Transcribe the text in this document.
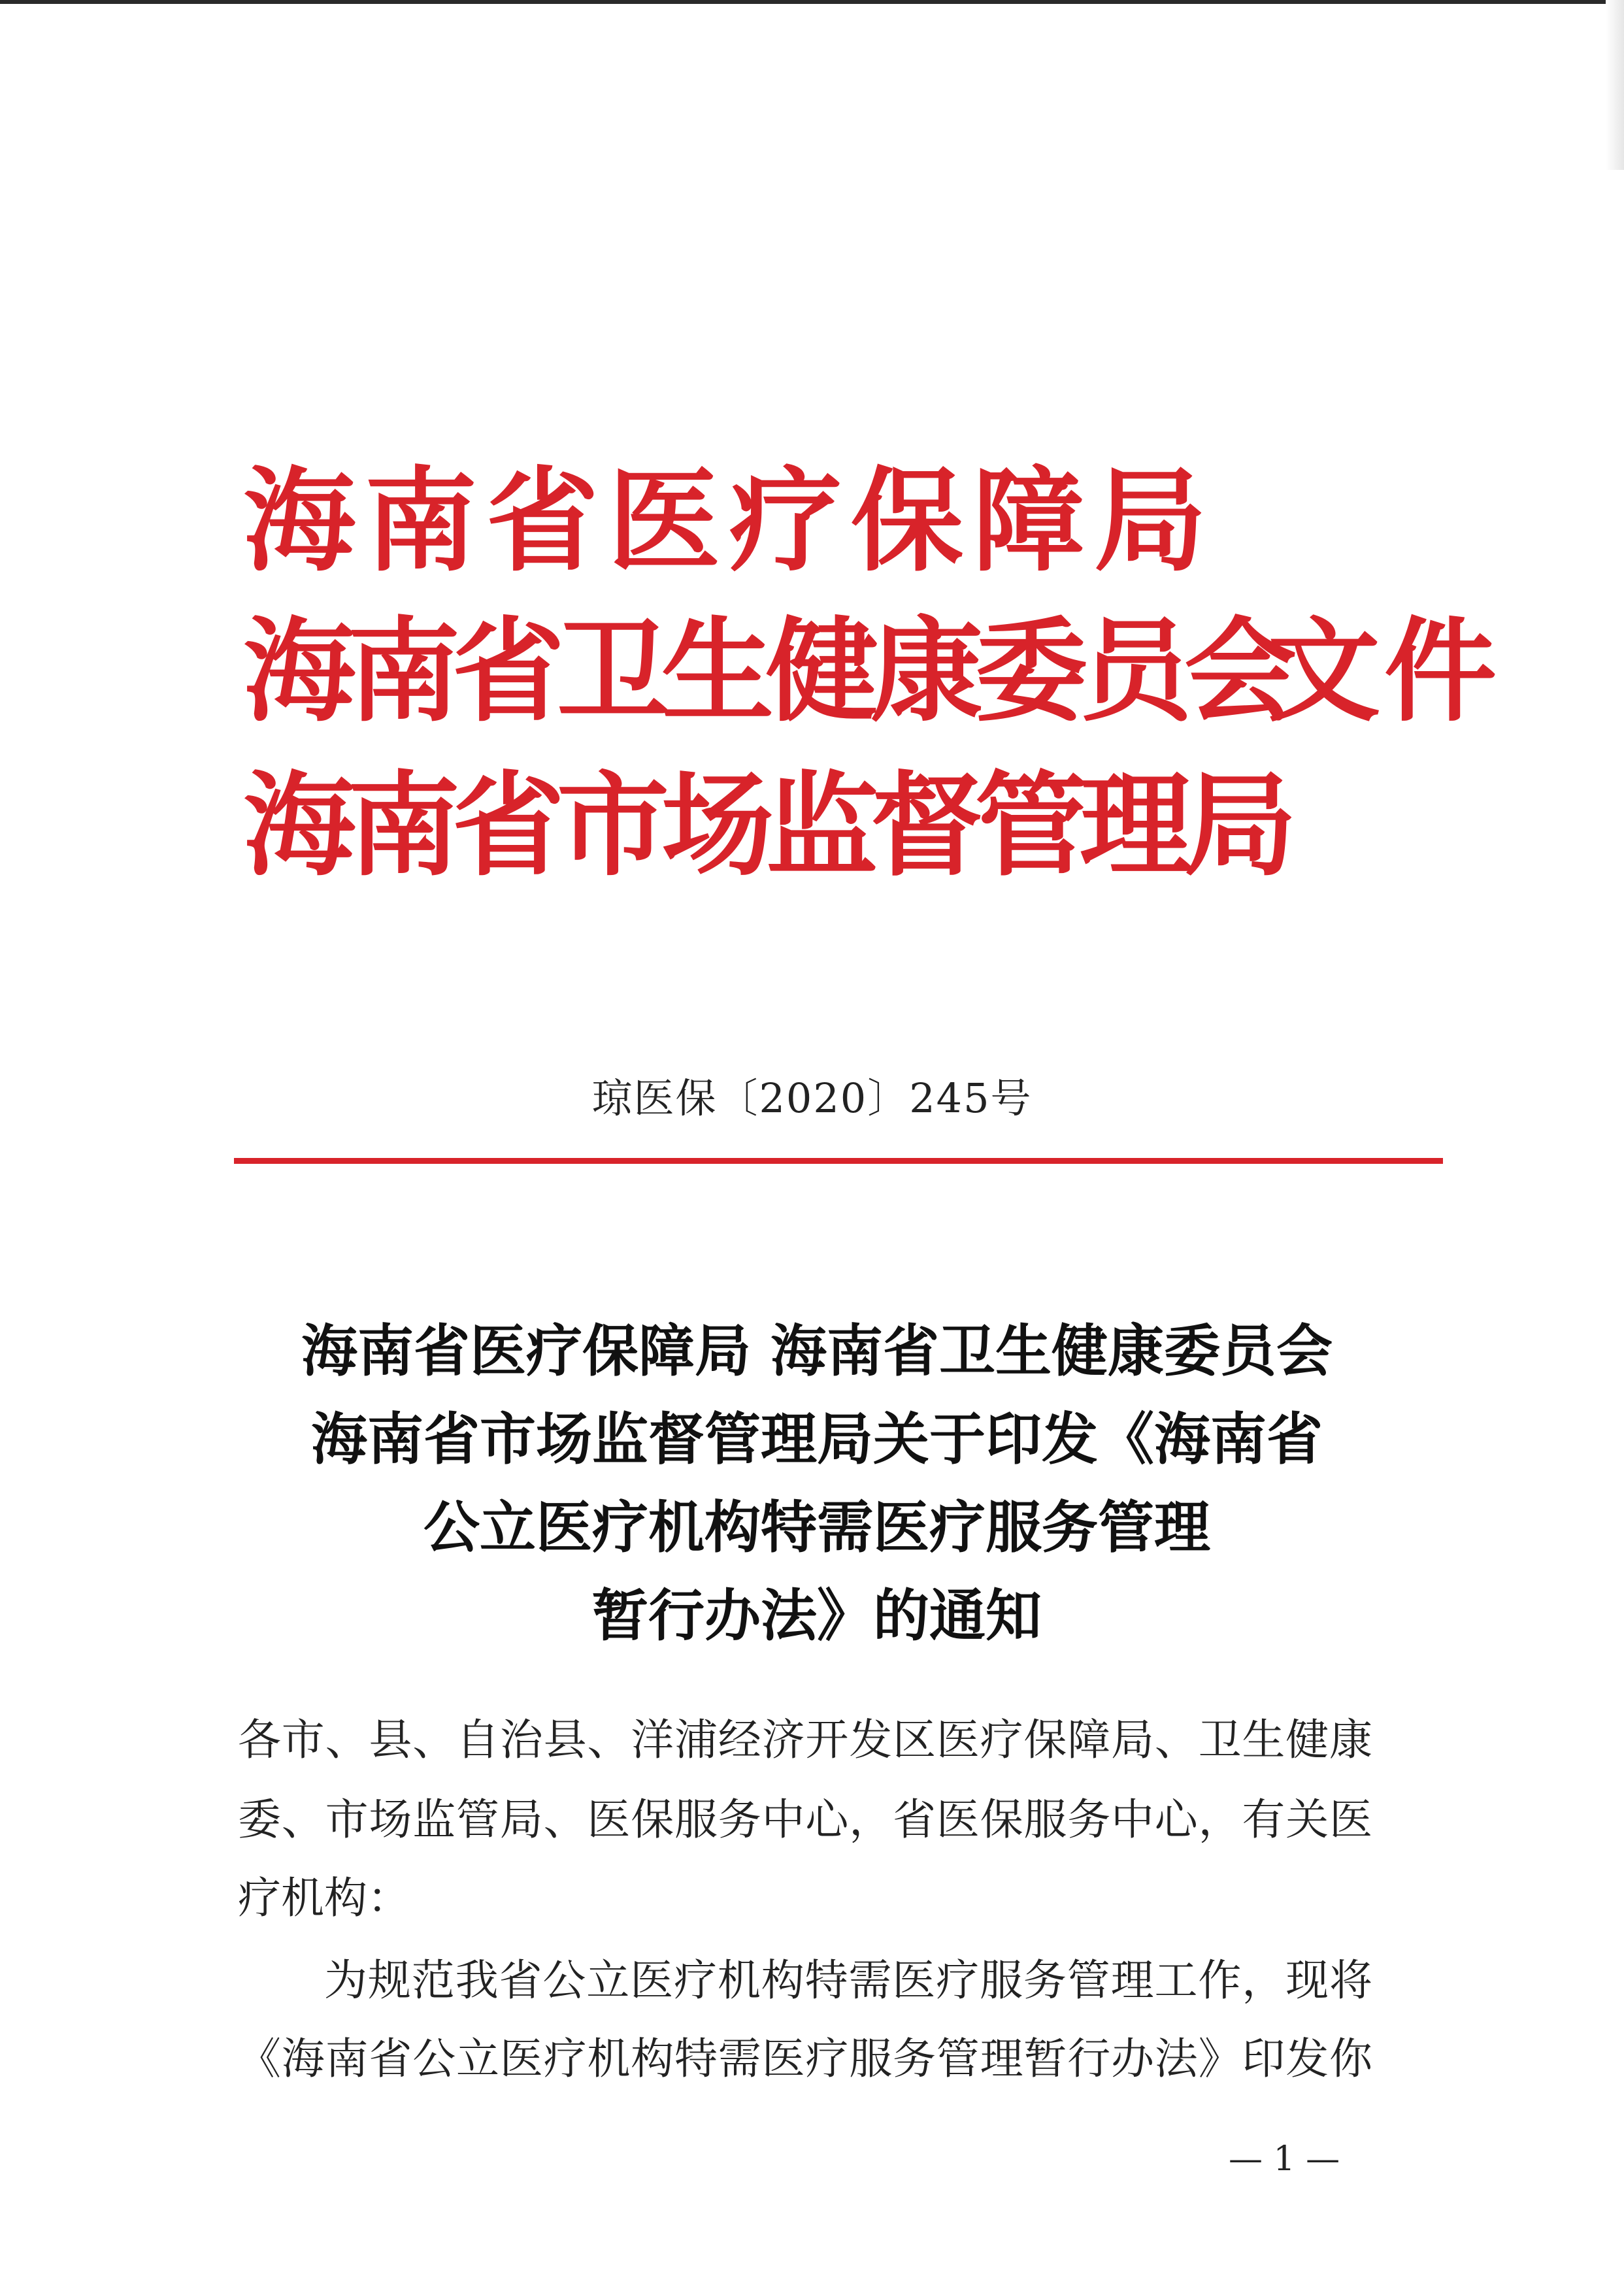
海南省医疗保障局
海南省卫生健康委员会
海南省市场监督管理局
文件
琼医保〔2020〕245号
海南省医疗保障局 海南省卫生健康委员会
海南省市场监督管理局关于印发《海南省
公立医疗机构特需医疗服务管理
暂行办法》的通知
各市、县、自治县、洋浦经济开发区医疗保障局、卫生健康
委、市场监管局、医保服务中心，省医保服务中心，有关医
疗机构：
为规范我省公立医疗机构特需医疗服务管理工作，现将
《海南省公立医疗机构特需医疗服务管理暂行办法》印发你
— 1 —
